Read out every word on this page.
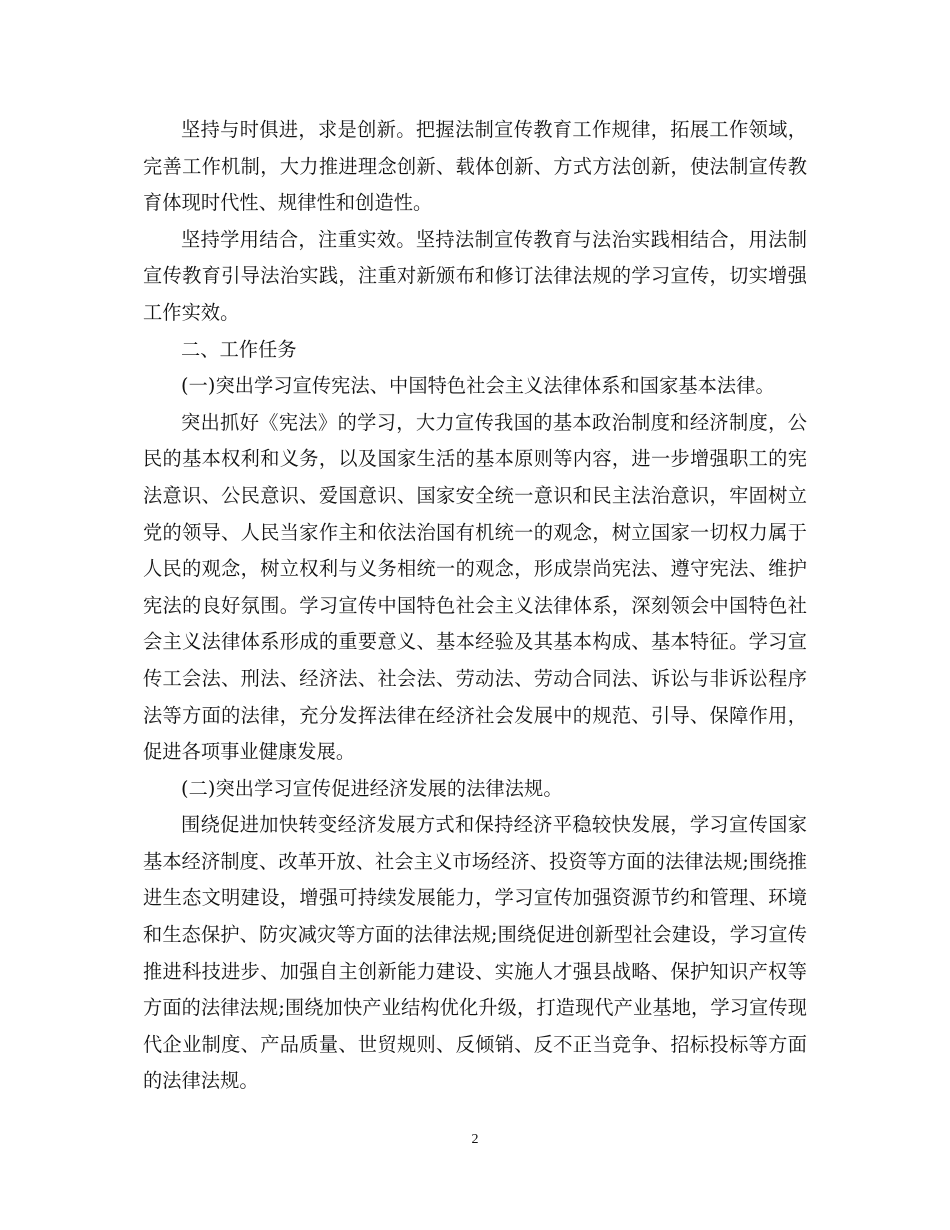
坚持与时俱进，求是创新。把握法制宣传教育工作规律，拓展工作领域，完善工作机制，大力推进理念创新、载体创新、方式方法创新，使法制宣传教育体现时代性、规律性和创造性。

坚持学用结合，注重实效。坚持法制宣传教育与法治实践相结合，用法制宣传教育引导法治实践，注重对新颁布和修订法律法规的学习宣传，切实增强工作实效。

二、工作任务

(一)突出学习宣传宪法、中国特色社会主义法律体系和国家基本法律。

突出抓好《宪法》的学习，大力宣传我国的基本政治制度和经济制度，公民的基本权利和义务，以及国家生活的基本原则等内容，进一步增强职工的宪法意识、公民意识、爱国意识、国家安全统一意识和民主法治意识，牢固树立党的领导、人民当家作主和依法治国有机统一的观念，树立国家一切权力属于人民的观念，树立权利与义务相统一的观念，形成崇尚宪法、遵守宪法、维护宪法的良好氛围。学习宣传中国特色社会主义法律体系，深刻领会中国特色社会主义法律体系形成的重要意义、基本经验及其基本构成、基本特征。学习宣传工会法、刑法、经济法、社会法、劳动法、劳动合同法、诉讼与非诉讼程序法等方面的法律，充分发挥法律在经济社会发展中的规范、引导、保障作用，促进各项事业健康发展。

(二)突出学习宣传促进经济发展的法律法规。

围绕促进加快转变经济发展方式和保持经济平稳较快发展，学习宣传国家基本经济制度、改革开放、社会主义市场经济、投资等方面的法律法规;围绕推进生态文明建设，增强可持续发展能力，学习宣传加强资源节约和管理、环境和生态保护、防灾减灾等方面的法律法规;围绕促进创新型社会建设，学习宣传推进科技进步、加强自主创新能力建设、实施人才强县战略、保护知识产权等方面的法律法规;围绕加快产业结构优化升级，打造现代产业基地，学习宣传现代企业制度、产品质量、世贸规则、反倾销、反不正当竞争、招标投标等方面的法律法规。

2
